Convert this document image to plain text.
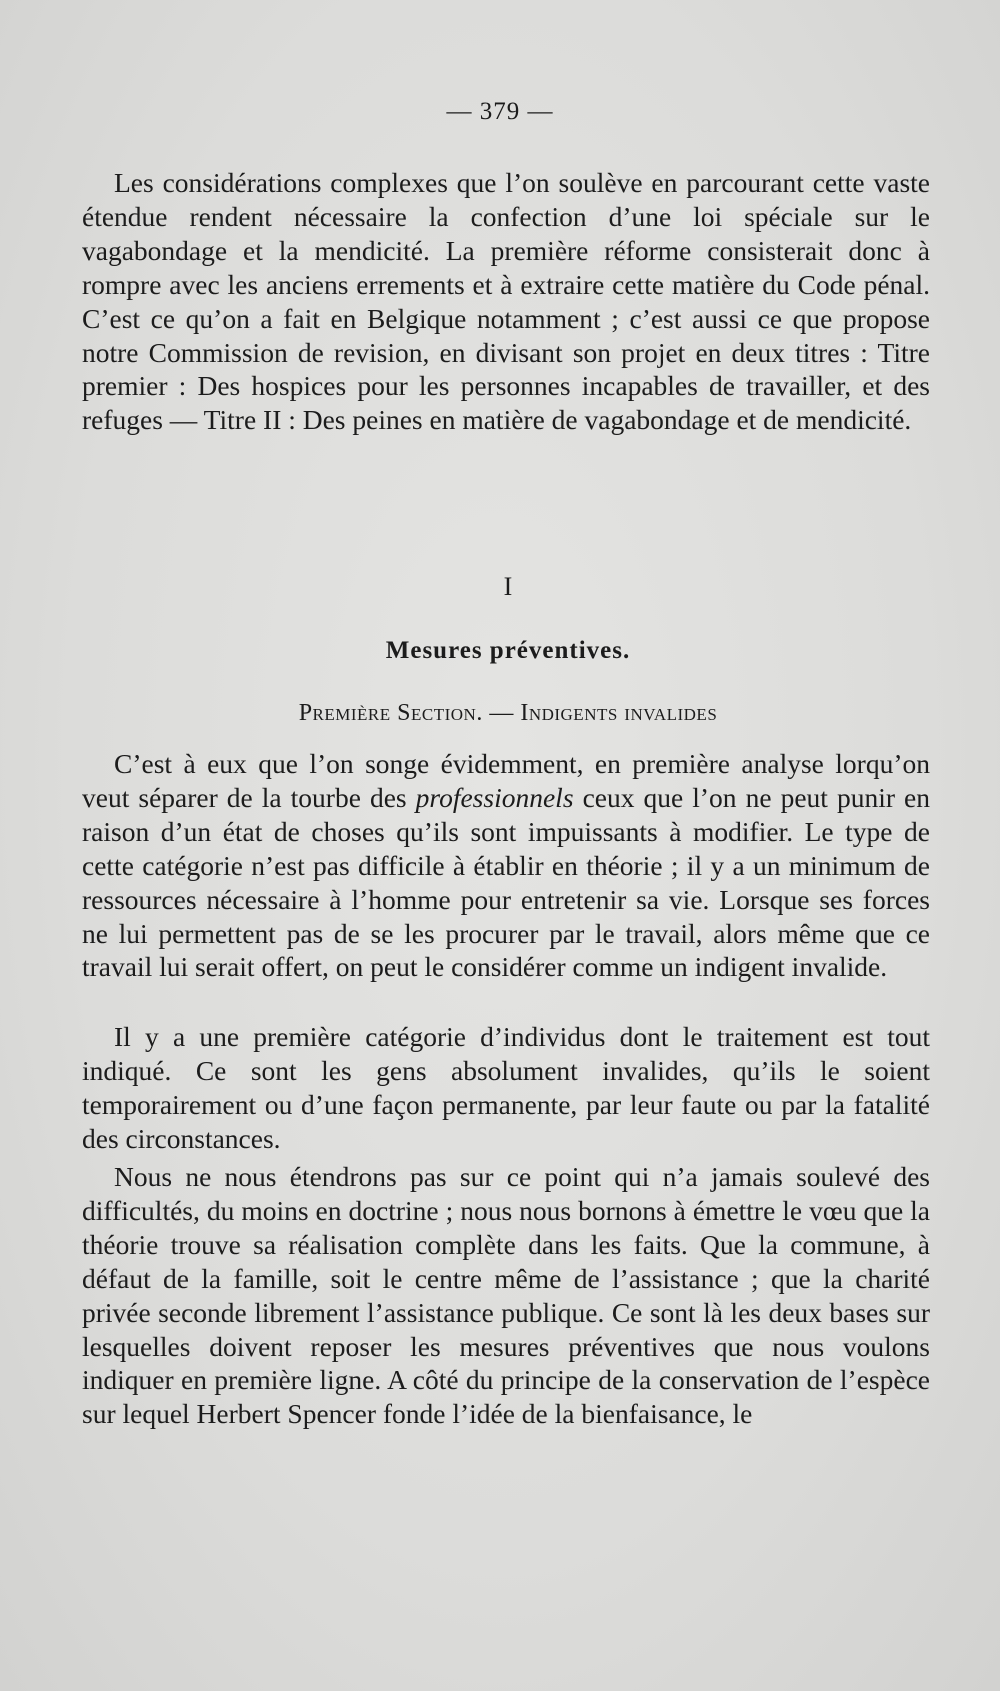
— 379 —

Les considérations complexes que l’on soulève en parcourant cette vaste étendue rendent nécessaire la confection d’une loi spéciale sur le vagabondage et la mendicité. La première réforme consisterait donc à rompre avec les anciens errements et à extraire cette matière du Code pénal. C’est ce qu’on a fait en Belgique notamment ; c’est aussi ce que propose notre Commission de revision, en divisant son projet en deux titres : Titre premier : Des hospices pour les personnes incapables de travailler, et des refuges — Titre II : Des peines en matière de vagabondage et de mendicité.

I
Mesures préventives.
Première Section. — Indigents invalides

C’est à eux que l’on songe évidemment, en première analyse lorqu’on veut séparer de la tourbe des professionnels ceux que l’on ne peut punir en raison d’un état de choses qu’ils sont impuissants à modifier. Le type de cette catégorie n’est pas difficile à établir en théorie ; il y a un minimum de ressources nécessaire à l’homme pour entretenir sa vie. Lorsque ses forces ne lui permettent pas de se les procurer par le travail, alors même que ce travail lui serait offert, on peut le considérer comme un indigent invalide.

Il y a une première catégorie d’individus dont le traitement est tout indiqué. Ce sont les gens absolument invalides, qu’ils le soient temporairement ou d’une façon permanente, par leur faute ou par la fatalité des circonstances.

Nous ne nous étendrons pas sur ce point qui n’a jamais soulevé des difficultés, du moins en doctrine ; nous nous bornons à émettre le vœu que la théorie trouve sa réalisation complète dans les faits. Que la commune, à défaut de la famille, soit le centre même de l’assistance ; que la charité privée seconde librement l’assistance publique. Ce sont là les deux bases sur lesquelles doivent reposer les mesures préventives que nous voulons indiquer en première ligne. A côté du principe de la conservation de l’espèce sur lequel Herbert Spencer fonde l’idée de la bienfaisance, le
